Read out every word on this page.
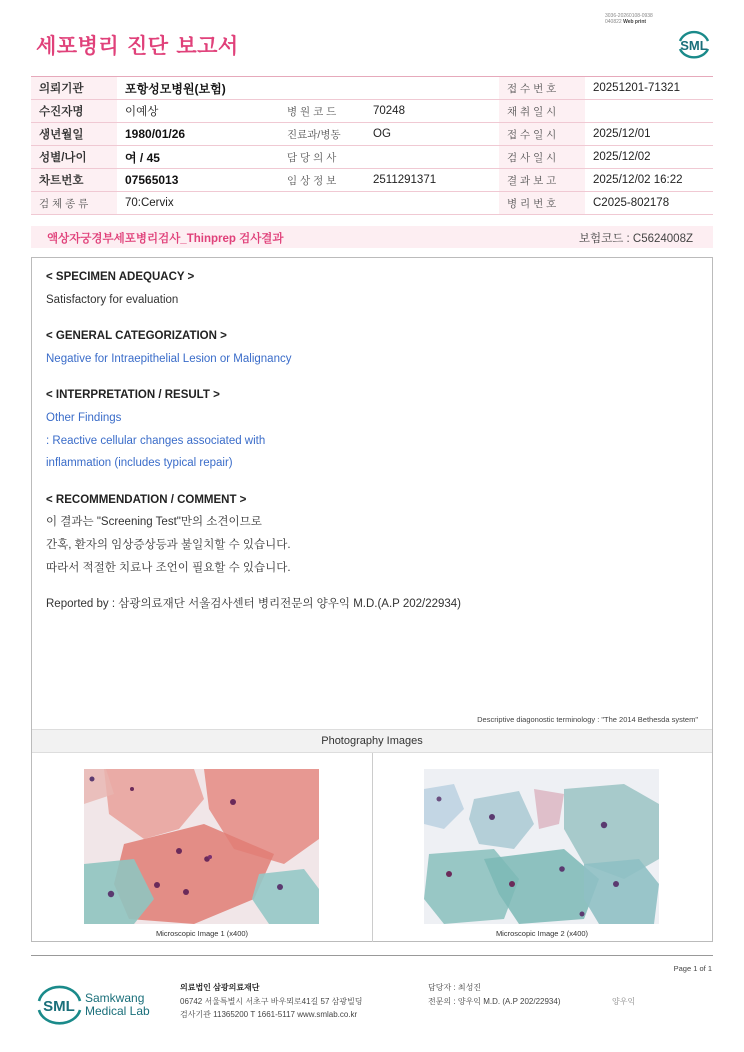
3036-20260108-0938
040822 Web print
세포병리 진단 보고서	SML
의뢰기관	포항성모병원(보험)			접 수 번 호	20251201-71321
수진자명	이예상	병 원 코 드	70248	채 취 일 시	
생년월일	1980/01/26	진료과/병동	OG	접 수 일 시	2025/12/01
성별/나이	여 / 45	담 당 의 사		검 사 일 시	2025/12/02
차트번호	07565013	임 상 정 보	2511291371	결 과 보 고	2025/12/02 16:22
검 체 종 류	70:Cervix			병 리 번 호	C2025-802178
액상자궁경부세포병리검사_Thinprep 검사결과	보험코드 : C5624008Z
< SPECIMEN ADEQUACY >
Satisfactory for evaluation
< GENERAL CATEGORIZATION >
Negative for Intraepithelial Lesion or Malignancy
< INTERPRETATION / RESULT >
Other Findings
: Reactive cellular changes associated with
inflammation (includes typical repair)
< RECOMMENDATION / COMMENT >
이 결과는 "Screening Test"만의 소견이므로
간혹, 환자의 임상증상등과 불일치할 수 있습니다.
따라서 적절한 치료나 조언이 필요할 수 있습니다.
Reported by : 삼광의료재단 서울검사센터 병리전문의 양우익 M.D.(A.P 202/22934)
Descriptive diagonostic terminology : "The 2014 Bethesda system"
Photography Images
Microscopic Image 1 (x400)	Microscopic Image 2 (x400)
Page 1 of 1
SML Samkwang
Medical Lab
의료법인 삼광의료재단
06742 서울특별시 서초구 바우뫼로41길 57 삼광빌딩
검사기관 11365200 T 1661-5117 www.smlab.co.kr
담당자 : 최성진
전문의 : 양우익 M.D. (A.P 202/22934)	양우익
